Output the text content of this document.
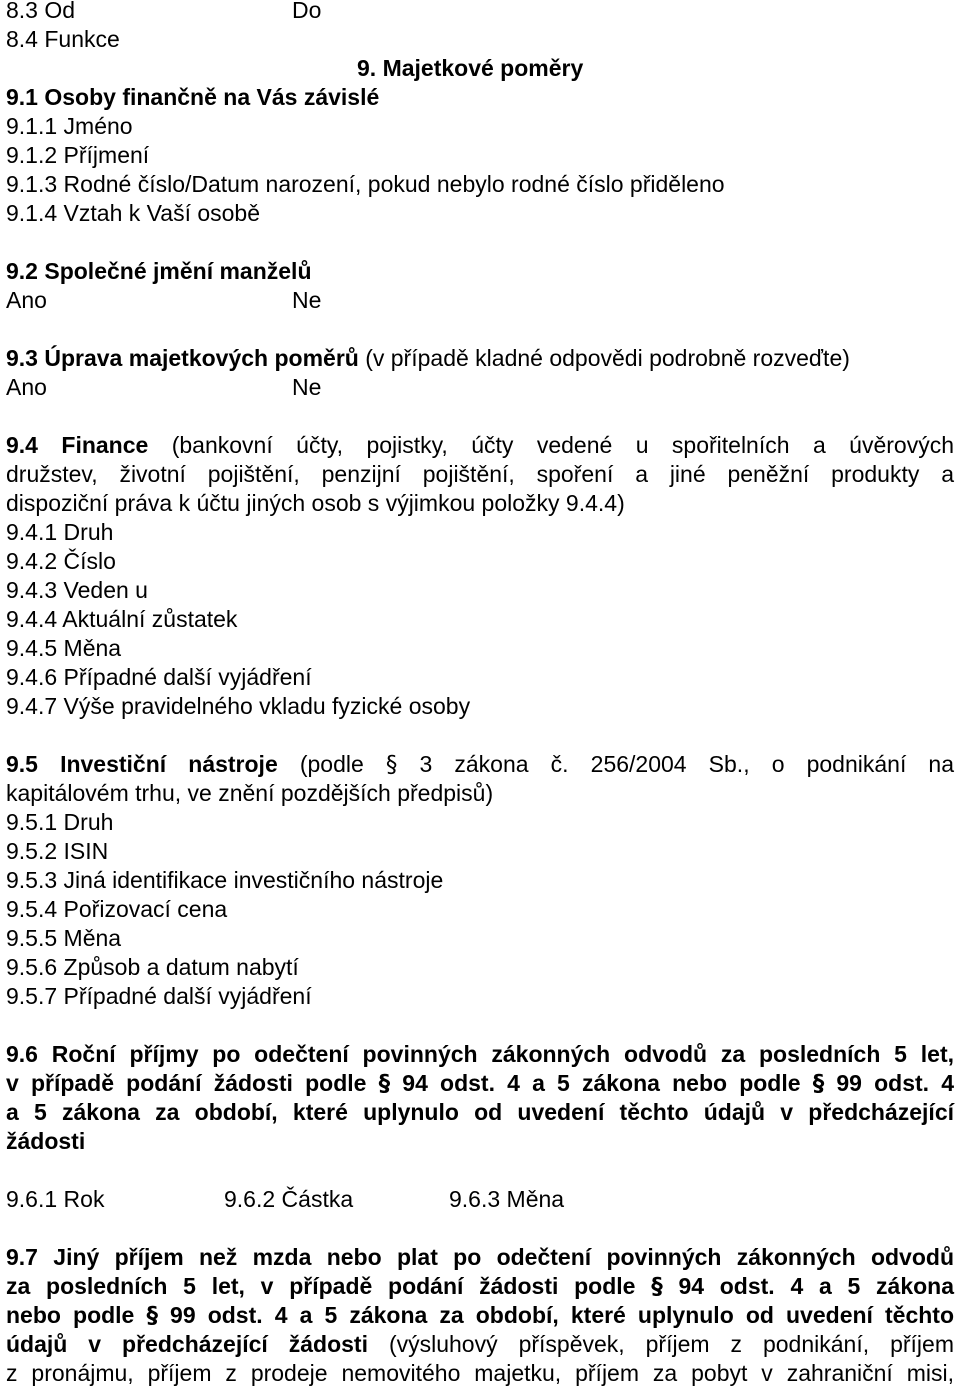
8.3 Od	Do
8.4 Funkce
9. Majetkové poměry
9.1 Osoby finančně na Vás závislé
9.1.1 Jméno
9.1.2 Příjmení
9.1.3 Rodné číslo/Datum narození, pokud nebylo rodné číslo přiděleno
9.1.4 Vztah k Vaší osobě
9.2 Společné jmění manželů
Ano	Ne
9.3 Úprava majetkových poměrů (v případě kladné odpovědi podrobně rozveďte)
Ano	Ne
9.4 Finance (bankovní účty, pojistky, účty vedené u spořitelních a úvěrových
družstev, životní pojištění, penzijní pojištění, spoření a jiné peněžní produkty a
dispoziční práva k účtu jiných osob s výjimkou položky 9.4.4)
9.4.1 Druh
9.4.2 Číslo
9.4.3 Veden u
9.4.4 Aktuální zůstatek
9.4.5 Měna
9.4.6 Případné další vyjádření
9.4.7 Výše pravidelného vkladu fyzické osoby
9.5 Investiční nástroje (podle § 3 zákona č. 256/2004 Sb., o podnikání na
kapitálovém trhu, ve znění pozdějších předpisů)
9.5.1 Druh
9.5.2 ISIN
9.5.3 Jiná identifikace investičního nástroje
9.5.4 Pořizovací cena
9.5.5 Měna
9.5.6 Způsob a datum nabytí
9.5.7 Případné další vyjádření
9.6 Roční příjmy po odečtení povinných zákonných odvodů za posledních 5 let,
v případě podání žádosti podle § 94 odst. 4 a 5 zákona nebo podle § 99 odst. 4
a 5 zákona za období, které uplynulo od uvedení těchto údajů v předcházející
žádosti
9.6.1 Rok	9.6.2 Částka	9.6.3 Měna
9.7 Jiný příjem než mzda nebo plat po odečtení povinných zákonných odvodů
za posledních 5 let, v případě podání žádosti podle § 94 odst. 4 a 5 zákona
nebo podle § 99 odst. 4 a 5 zákona za období, které uplynulo od uvedení těchto
údajů v předcházející žádosti (výsluhový příspěvek, příjem z podnikání, příjem
z pronájmu, příjem z prodeje nemovitého majetku, příjem za pobyt v zahraniční misi,
